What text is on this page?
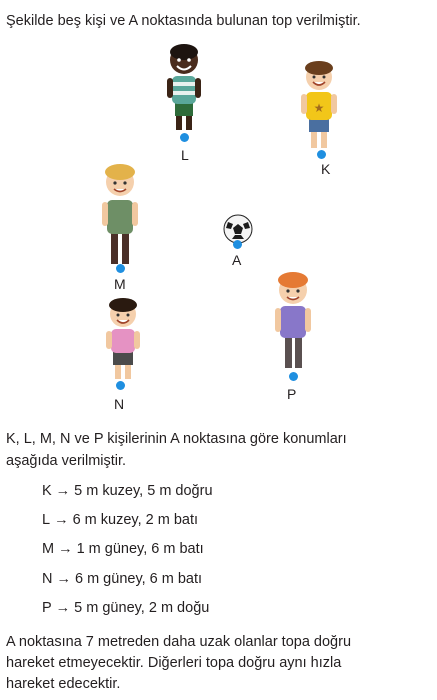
Şekilde beş kişi ve A noktasında bulunan top verilmiştir.
L
★
K
M
A
N
P
K, L, M, N ve P kişilerinin A noktasına göre konumları
aşağıda verilmiştir.
K → 5 m kuzey, 5 m doğru
L → 6 m kuzey, 2 m batı
M → 1 m güney, 6 m batı
N → 6 m güney, 6 m batı
P → 5 m güney, 2 m doğu
A noktasına 7 metreden daha uzak olanlar topa doğru
hareket etmeyecektir. Diğerleri topa doğru aynı hızla
hareket edecektir.
